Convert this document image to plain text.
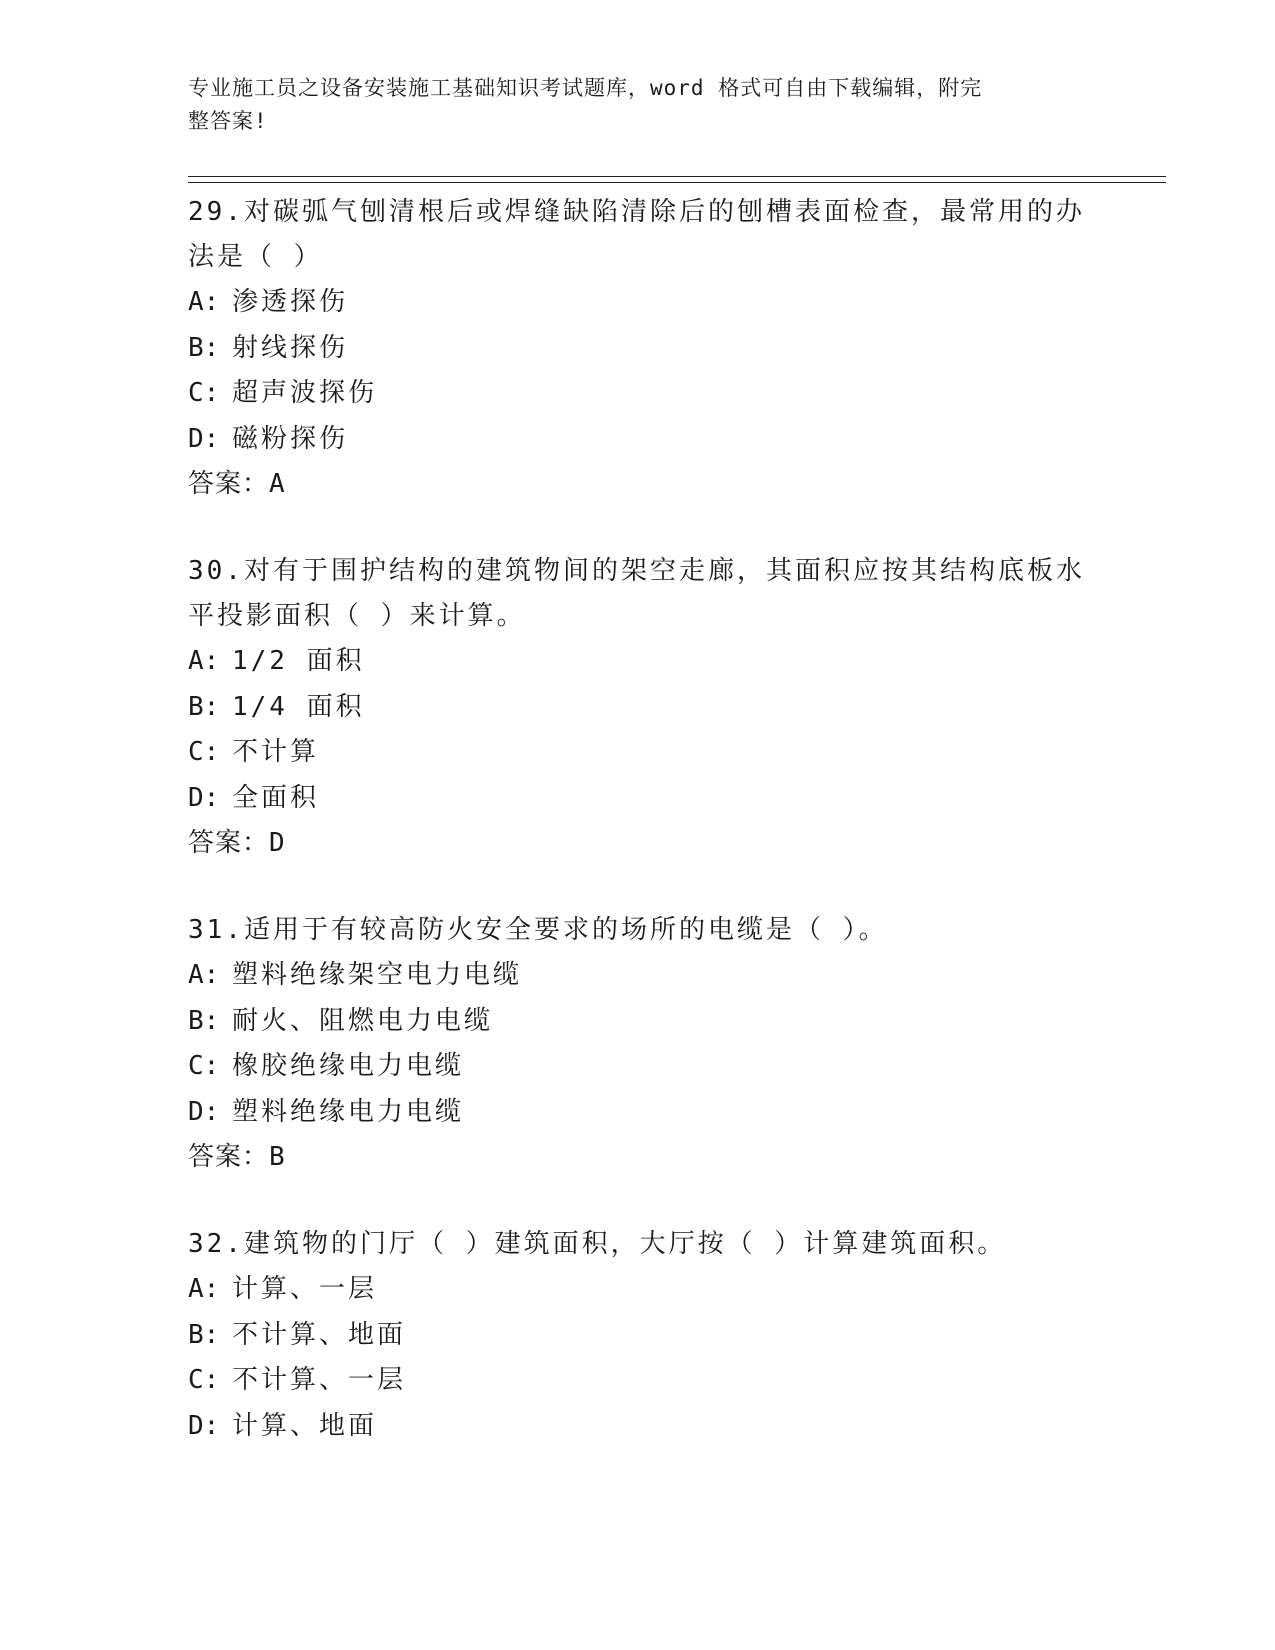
专业施工员之设备安装施工基础知识考试题库，word 格式可自由下载编辑，附完
整答案!
29.对碳弧气刨清根后或焊缝缺陷清除后的刨槽表面检查，最常用的办
法是（ ）
A: 渗透探伤
B: 射线探伤
C: 超声波探伤
D: 磁粉探伤
答案：A
30.对有于围护结构的建筑物间的架空走廊，其面积应按其结构底板水
平投影面积（ ）来计算。
A: 1/2 面积
B: 1/4 面积
C: 不计算
D: 全面积
答案：D
31.适用于有较高防火安全要求的场所的电缆是（ ）。
A: 塑料绝缘架空电力电缆
B: 耐火、阻燃电力电缆
C: 橡胶绝缘电力电缆
D: 塑料绝缘电力电缆
答案：B
32.建筑物的门厅（ ）建筑面积，大厅按（ ）计算建筑面积。
A: 计算、一层
B: 不计算、地面
C: 不计算、一层
D: 计算、地面
